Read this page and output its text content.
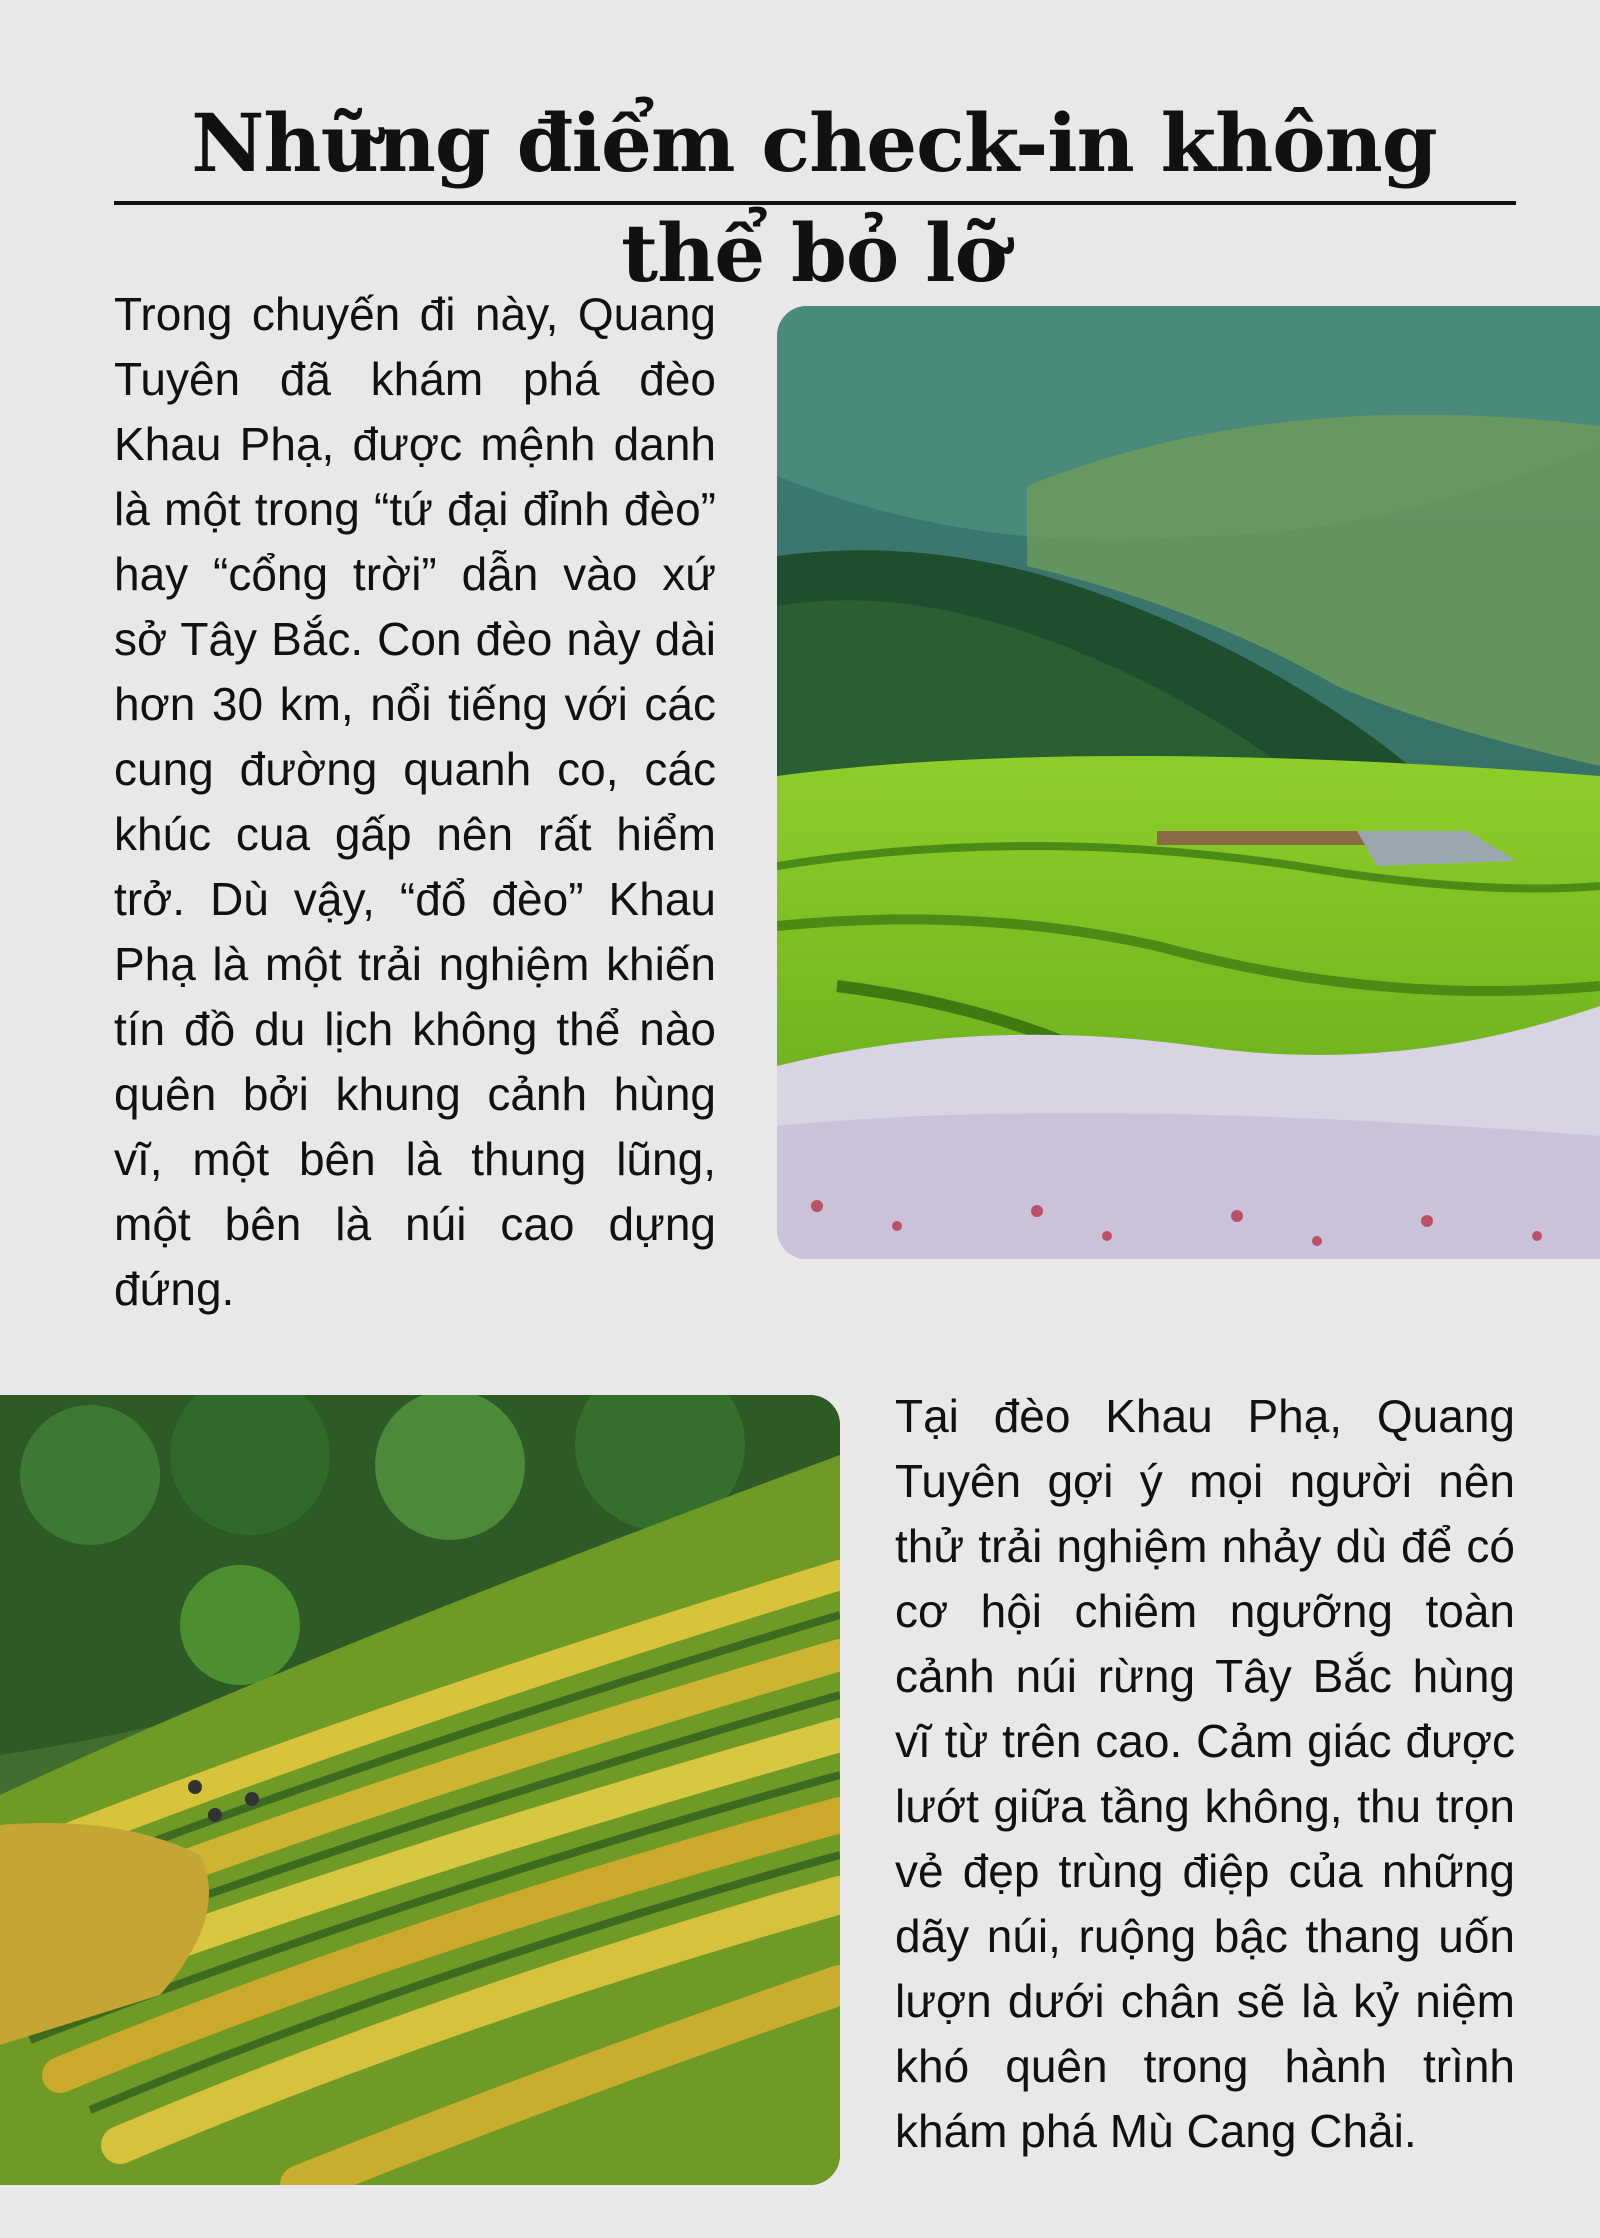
Những điểm check-in không thể bỏ lỡ

Trong chuyến đi này, Quang Tuyên đã khám phá đèo Khau Phạ, được mệnh danh là một trong “tứ đại đỉnh đèo” hay “cổng trời” dẫn vào xứ sở Tây Bắc. Con đèo này dài hơn 30 km, nổi tiếng với các cung đường quanh co, các khúc cua gấp nên rất hiểm trở. Dù vậy, “đổ đèo” Khau Phạ là một trải nghiệm khiến tín đồ du lịch không thể nào quên bởi khung cảnh hùng vĩ, một bên là thung lũng, một bên là núi cao dựng đứng.

Tại đèo Khau Phạ, Quang Tuyên gợi ý mọi người nên thử trải nghiệm nhảy dù để có cơ hội chiêm ngưỡng toàn cảnh núi rừng Tây Bắc hùng vĩ từ trên cao. Cảm giác được lướt giữa tầng không, thu trọn vẻ đẹp trùng điệp của những dãy núi, ruộng bậc thang uốn lượn dưới chân sẽ là kỷ niệm khó quên trong hành trình khám phá Mù Cang Chải.
